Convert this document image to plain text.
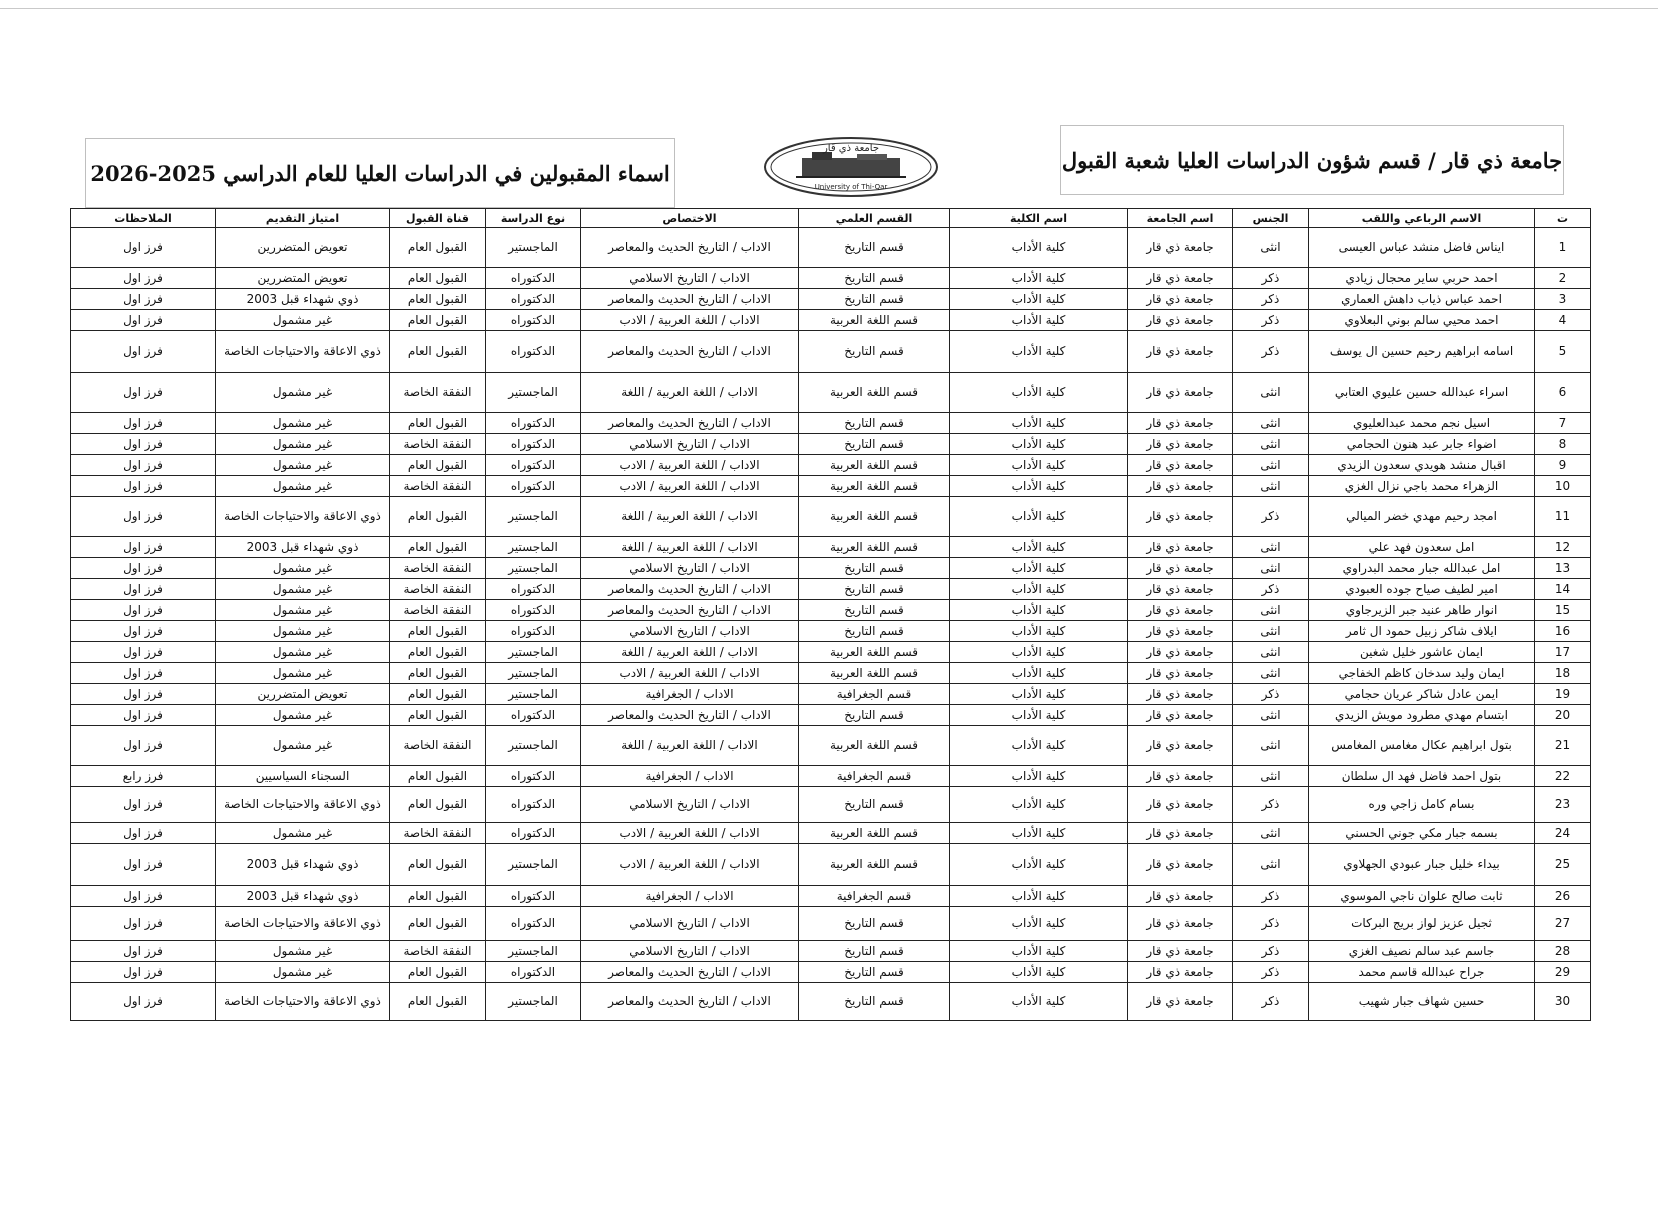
جامعة ذي قار / قسم شؤون الدراسات العليا شعبة القبول
جامعة ذي قار
University of Thi-Qar
اسماء المقبولين في الدراسات العليا للعام الدراسي 2025-2026
ت	الاسم الرباعي واللقب	الجنس	اسم الجامعة	اسم الكلية	القسم العلمي	الاختصاص	نوع الدراسة	قناة القبول	امتياز التقديم	الملاحظات
1	ايناس فاضل منشد عباس العيسى	انثى	جامعة ذي قار	كلية الأداب	قسم التاريخ	الاداب / التاريخ الحديث والمعاصر	الماجستير	القبول العام	تعويض المتضررين	فرز اول
2	احمد حربي ساير محجال زيادي	ذكر	جامعة ذي قار	كلية الأداب	قسم التاريخ	الاداب / التاريخ الاسلامي	الدكتوراه	القبول العام	تعويض المتضررين	فرز اول
3	احمد عباس ذياب داهش العماري	ذكر	جامعة ذي قار	كلية الأداب	قسم التاريخ	الاداب / التاريخ الحديث والمعاصر	الدكتوراه	القبول العام	ذوي شهداء قبل 2003	فرز اول
4	احمد محيي سالم بوني البعلاوي	ذكر	جامعة ذي قار	كلية الأداب	قسم اللغة العربية	الاداب / اللغة العربية / الادب	الدكتوراه	القبول العام	غير مشمول	فرز اول
5	اسامه ابراهيم رحيم حسين ال يوسف	ذكر	جامعة ذي قار	كلية الأداب	قسم التاريخ	الاداب / التاريخ الحديث والمعاصر	الدكتوراه	القبول العام	ذوي الاعاقة والاحتياجات الخاصة	فرز اول
6	اسراء عبدالله حسين عليوي العتابي	انثى	جامعة ذي قار	كلية الأداب	قسم اللغة العربية	الاداب / اللغة العربية / اللغة	الماجستير	النفقة الخاصة	غير مشمول	فرز اول
7	اسيل نجم محمد عبدالعليوي	انثى	جامعة ذي قار	كلية الأداب	قسم التاريخ	الاداب / التاريخ الحديث والمعاصر	الدكتوراه	القبول العام	غير مشمول	فرز اول
8	اضواء جابر عبد هنون الحجامي	انثى	جامعة ذي قار	كلية الأداب	قسم التاريخ	الاداب / التاريخ الاسلامي	الدكتوراه	النفقة الخاصة	غير مشمول	فرز اول
9	اقبال منشد هويدي سعدون الزيدي	انثى	جامعة ذي قار	كلية الأداب	قسم اللغة العربية	الاداب / اللغة العربية / الادب	الدكتوراه	القبول العام	غير مشمول	فرز اول
10	الزهراء محمد باجي نزال الغزي	انثى	جامعة ذي قار	كلية الأداب	قسم اللغة العربية	الاداب / اللغة العربية / الادب	الدكتوراه	النفقة الخاصة	غير مشمول	فرز اول
11	امجد رحيم مهدي خضر الميالي	ذكر	جامعة ذي قار	كلية الأداب	قسم اللغة العربية	الاداب / اللغة العربية / اللغة	الماجستير	القبول العام	ذوي الاعاقة والاحتياجات الخاصة	فرز اول
12	امل سعدون فهد علي	انثى	جامعة ذي قار	كلية الأداب	قسم اللغة العربية	الاداب / اللغة العربية / اللغة	الماجستير	القبول العام	ذوي شهداء قبل 2003	فرز اول
13	امل عبدالله جبار محمد البدراوي	انثى	جامعة ذي قار	كلية الأداب	قسم التاريخ	الاداب / التاريخ الاسلامي	الماجستير	النفقة الخاصة	غير مشمول	فرز اول
14	امير لطيف صياح جوده العبودي	ذكر	جامعة ذي قار	كلية الأداب	قسم التاريخ	الاداب / التاريخ الحديث والمعاصر	الدكتوراه	النفقة الخاصة	غير مشمول	فرز اول
15	انوار طاهر عنيد جبر الزيرجاوي	انثى	جامعة ذي قار	كلية الأداب	قسم التاريخ	الاداب / التاريخ الحديث والمعاصر	الدكتوراه	النفقة الخاصة	غير مشمول	فرز اول
16	ايلاف شاكر زبيل حمود ال ثامر	انثى	جامعة ذي قار	كلية الأداب	قسم التاريخ	الاداب / التاريخ الاسلامي	الدكتوراه	القبول العام	غير مشمول	فرز اول
17	ايمان عاشور خليل شغين	انثى	جامعة ذي قار	كلية الأداب	قسم اللغة العربية	الاداب / اللغة العربية / اللغة	الماجستير	القبول العام	غير مشمول	فرز اول
18	ايمان وليد سدخان كاظم الخفاجي	انثى	جامعة ذي قار	كلية الأداب	قسم اللغة العربية	الاداب / اللغة العربية / الادب	الماجستير	القبول العام	غير مشمول	فرز اول
19	ايمن عادل شاكر عريان حجامي	ذكر	جامعة ذي قار	كلية الأداب	قسم الجغرافية	الاداب / الجغرافية	الماجستير	القبول العام	تعويض المتضررين	فرز اول
20	ابتسام مهدي مطرود مويش الزيدي	انثى	جامعة ذي قار	كلية الأداب	قسم التاريخ	الاداب / التاريخ الحديث والمعاصر	الدكتوراه	القبول العام	غير مشمول	فرز اول
21	بتول ابراهيم عكال مغامس المغامس	انثى	جامعة ذي قار	كلية الأداب	قسم اللغة العربية	الاداب / اللغة العربية / اللغة	الماجستير	النفقة الخاصة	غير مشمول	فرز اول
22	بتول احمد فاضل فهد ال سلطان	انثى	جامعة ذي قار	كلية الأداب	قسم الجغرافية	الاداب / الجغرافية	الدكتوراه	القبول العام	السجناء السياسيين	فرز رابع
23	بسام كامل زاجي وره	ذكر	جامعة ذي قار	كلية الأداب	قسم التاريخ	الاداب / التاريخ الاسلامي	الدكتوراه	القبول العام	ذوي الاعاقة والاحتياجات الخاصة	فرز اول
24	بسمه جبار مكي جوني الحسني	انثى	جامعة ذي قار	كلية الأداب	قسم اللغة العربية	الاداب / اللغة العربية / الادب	الدكتوراه	النفقة الخاصة	غير مشمول	فرز اول
25	بيداء خليل جبار عبودي الجهلاوي	انثى	جامعة ذي قار	كلية الأداب	قسم اللغة العربية	الاداب / اللغة العربية / الادب	الماجستير	القبول العام	ذوي شهداء قبل 2003	فرز اول
26	ثابت صالح علوان ناجي الموسوي	ذكر	جامعة ذي قار	كلية الأداب	قسم الجغرافية	الاداب / الجغرافية	الدكتوراه	القبول العام	ذوي شهداء قبل 2003	فرز اول
27	ثجيل عزيز لواز بريج البركات	ذكر	جامعة ذي قار	كلية الأداب	قسم التاريخ	الاداب / التاريخ الاسلامي	الدكتوراه	القبول العام	ذوي الاعاقة والاحتياجات الخاصة	فرز اول
28	جاسم عبد سالم نصيف الغزي	ذكر	جامعة ذي قار	كلية الأداب	قسم التاريخ	الاداب / التاريخ الاسلامي	الماجستير	النفقة الخاصة	غير مشمول	فرز اول
29	جراح عبدالله قاسم محمد	ذكر	جامعة ذي قار	كلية الأداب	قسم التاريخ	الاداب / التاريخ الحديث والمعاصر	الدكتوراه	القبول العام	غير مشمول	فرز اول
30	حسين شهاف جبار شهيب	ذكر	جامعة ذي قار	كلية الأداب	قسم التاريخ	الاداب / التاريخ الحديث والمعاصر	الماجستير	القبول العام	ذوي الاعاقة والاحتياجات الخاصة	فرز اول
